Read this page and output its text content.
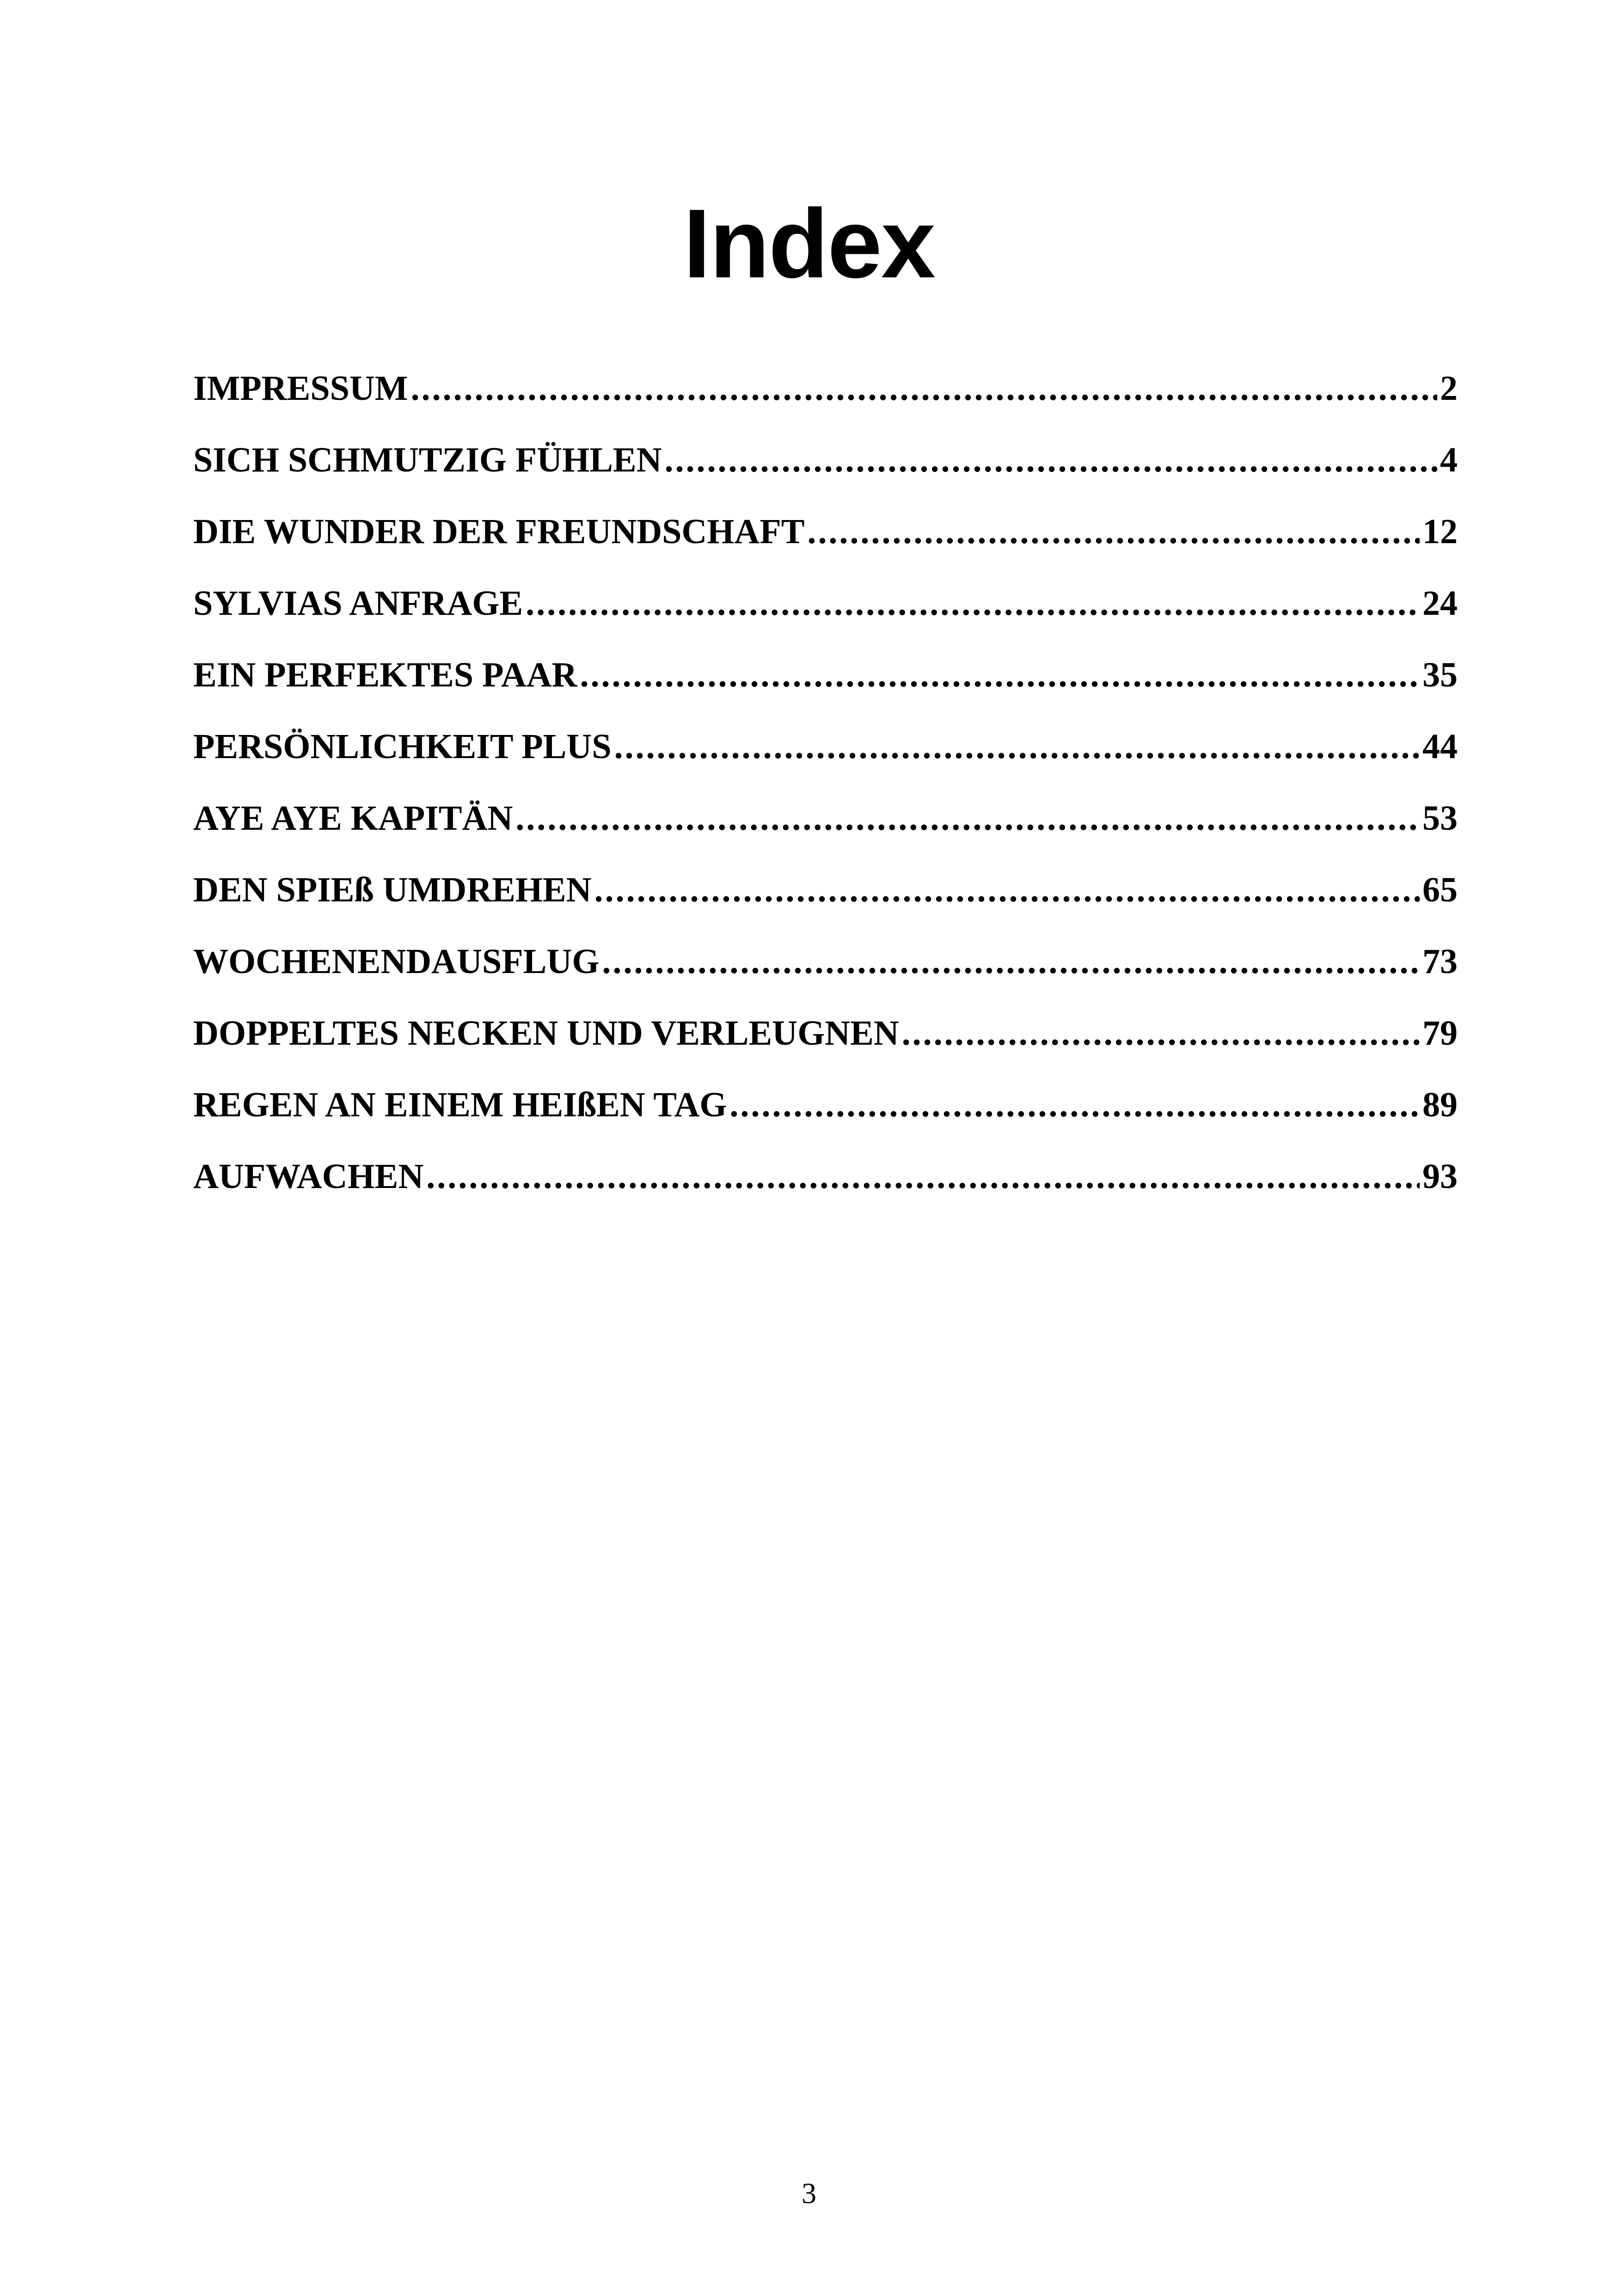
Index
IMPRESSUM .....	2
SICH SCHMUTZIG FÜHLEN .....	4
DIE WUNDER DER FREUNDSCHAFT .....	12
SYLVIAS ANFRAGE .....	24
EIN PERFEKTES PAAR .....	35
PERSÖNLICHKEIT PLUS .....	44
AYE AYE KAPITÄN .....	53
DEN SPIEß UMDREHEN .....	65
WOCHENENDAUSFLUG .....	73
DOPPELTES NECKEN UND VERLEUGNEN .....	79
REGEN AN EINEM HEIßEN TAG .....	89
AUFWACHEN .....	93
3
